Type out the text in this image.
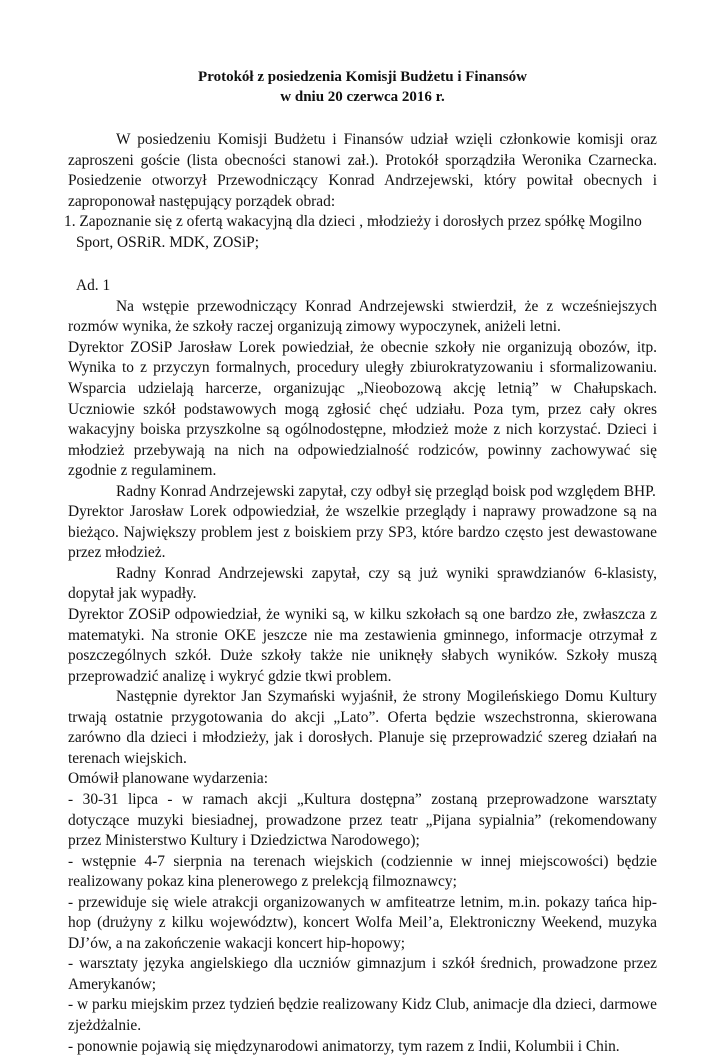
Protokół z posiedzenia Komisji Budżetu i Finansów
w dniu 20 czerwca 2016 r.

W posiedzeniu Komisji Budżetu i Finansów udział wzięli członkowie komisji oraz zaproszeni goście (lista obecności stanowi zał.). Protokół sporządziła Weronika Czarnecka. Posiedzenie otworzył Przewodniczący Konrad Andrzejewski, który powitał obecnych i zaproponował następujący porządek obrad:

1. Zapoznanie się z ofertą wakacyjną dla dzieci , młodzieży i dorosłych przez spółkę Mogilno Sport, OSRiR. MDK, ZOSiP;

Ad. 1

Na wstępie przewodniczący Konrad Andrzejewski stwierdził, że z wcześniejszych rozmów wynika, że szkoły raczej organizują zimowy wypoczynek, aniżeli letni.

Dyrektor ZOSiP Jarosław Lorek powiedział, że obecnie szkoły nie organizują obozów, itp. Wynika to z przyczyn formalnych, procedury uległy zbiurokratyzowaniu i sformalizowaniu. Wsparcia udzielają harcerze, organizując „Nieobozową akcję letnią” w Chałupskach. Uczniowie szkół podstawowych mogą zgłosić chęć udziału. Poza tym, przez cały okres wakacyjny boiska przyszkolne są ogólnodostępne, młodzież może z nich korzystać. Dzieci i młodzież przebywają na nich na odpowiedzialność rodziców, powinny zachowywać się zgodnie z regulaminem.

Radny Konrad Andrzejewski zapytał, czy odbył się przegląd boisk pod względem BHP.

Dyrektor Jarosław Lorek odpowiedział, że wszelkie przeglądy i naprawy prowadzone są na bieżąco. Największy problem jest z boiskiem przy SP3, które bardzo często jest dewastowane przez młodzież.

Radny Konrad Andrzejewski zapytał, czy są już wyniki sprawdzianów 6-klasisty, dopytał jak wypadły.

Dyrektor ZOSiP odpowiedział, że wyniki są, w kilku szkołach są one bardzo złe, zwłaszcza z matematyki. Na stronie OKE jeszcze nie ma zestawienia gminnego, informacje otrzymał z poszczególnych szkół. Duże szkoły także nie uniknęły słabych wyników. Szkoły muszą przeprowadzić analizę i wykryć gdzie tkwi problem.

Następnie dyrektor Jan Szymański wyjaśnił, że strony Mogileńskiego Domu Kultury trwają ostatnie przygotowania do akcji „Lato”. Oferta będzie wszechstronna, skierowana zarówno dla dzieci i młodzieży, jak i dorosłych. Planuje się przeprowadzić szereg działań na terenach wiejskich.

Omówił planowane wydarzenia:

- 30-31 lipca - w ramach akcji „Kultura dostępna” zostaną przeprowadzone warsztaty dotyczące muzyki biesiadnej, prowadzone przez teatr „Pijana sypialnia” (rekomendowany przez Ministerstwo Kultury i Dziedzictwa Narodowego);

- wstępnie 4-7 sierpnia na terenach wiejskich (codziennie w innej miejscowości) będzie realizowany pokaz kina plenerowego z prelekcją filmoznawcy;

- przewiduje się wiele atrakcji organizowanych w amfiteatrze letnim, m.in. pokazy tańca hip-hop (drużyny z kilku województw), koncert Wolfa Meil’a, Elektroniczny Weekend, muzyka DJ’ów, a na zakończenie wakacji koncert hip-hopowy;

- warsztaty języka angielskiego dla uczniów gimnazjum i szkół średnich, prowadzone przez Amerykanów;

- w parku miejskim przez tydzień będzie realizowany Kidz Club, animacje dla dzieci, darmowe zjeżdżalnie.

- ponownie pojawią się międzynarodowi animatorzy, tym razem z Indii, Kolumbii i Chin.
